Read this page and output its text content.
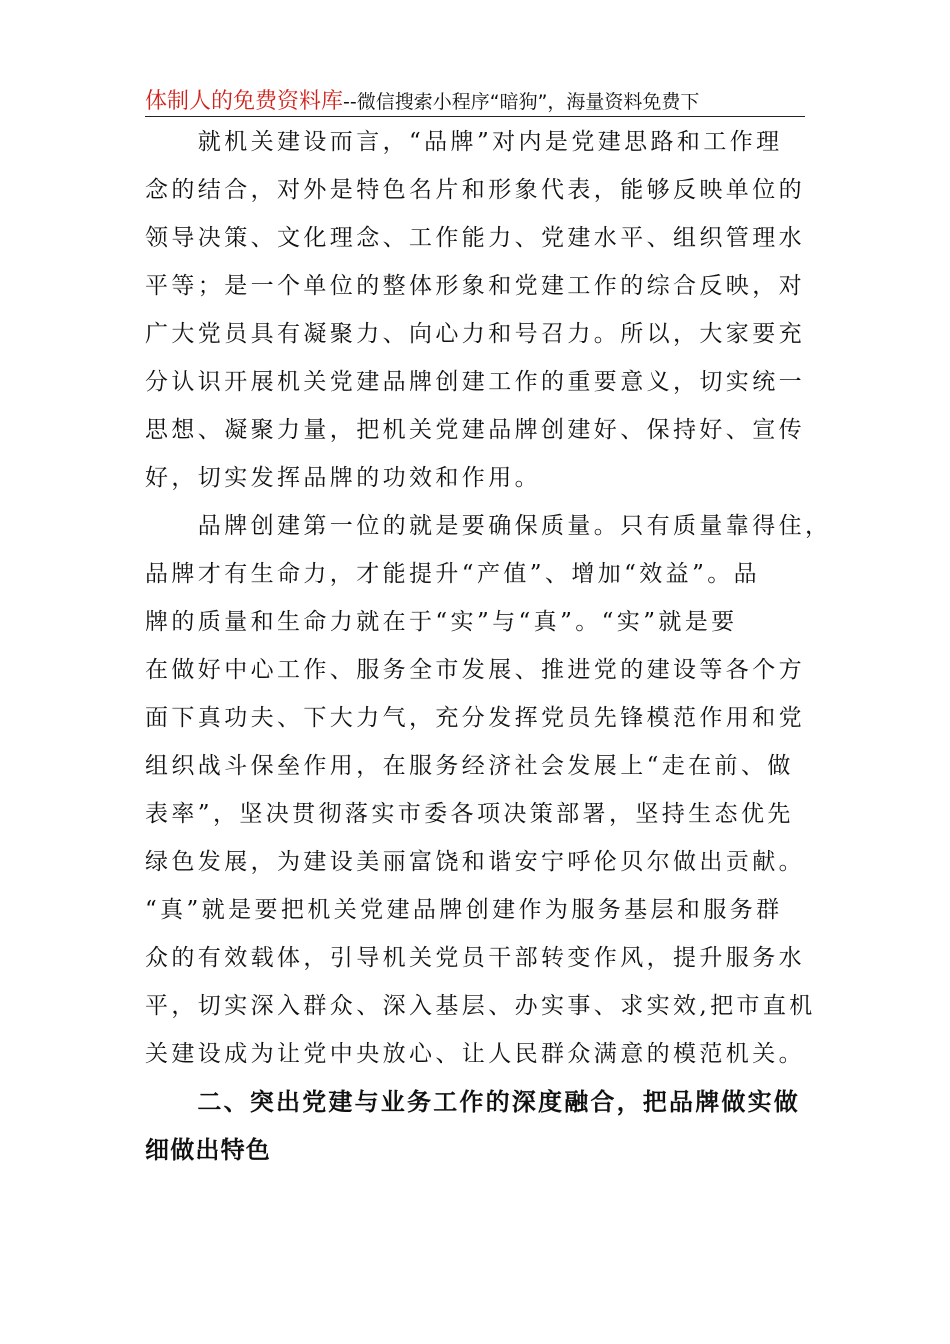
体制人的免费资料库--微信搜索小程序“暗狗”，海量资料免费下
　　就机关建设而言，“品牌”对内是党建思路和工作理
念的结合，对外是特色名片和形象代表，能够反映单位的
领导决策、文化理念、工作能力、党建水平、组织管理水
平等；是一个单位的整体形象和党建工作的综合反映，对
广大党员具有凝聚力、向心力和号召力。所以，大家要充
分认识开展机关党建品牌创建工作的重要意义，切实统一
思想、凝聚力量，把机关党建品牌创建好、保持好、宣传
好，切实发挥品牌的功效和作用。
　　品牌创建第一位的就是要确保质量。只有质量靠得住，
品牌才有生命力，才能提升“产值”、增加“效益”。品
牌的质量和生命力就在于“实”与“真”。“实”就是要
在做好中心工作、服务全市发展、推进党的建设等各个方
面下真功夫、下大力气，充分发挥党员先锋模范作用和党
组织战斗保垒作用，在服务经济社会发展上“走在前、做
表率”，坚决贯彻落实市委各项决策部署，坚持生态优先
绿色发展，为建设美丽富饶和谐安宁呼伦贝尔做出贡献。
“真”就是要把机关党建品牌创建作为服务基层和服务群
众的有效载体，引导机关党员干部转变作风，提升服务水
平，切实深入群众、深入基层、办实事、求实效,把市直机
关建设成为让党中央放心、让人民群众满意的模范机关。
　　二、突出党建与业务工作的深度融合，把品牌做实做
细做出特色
